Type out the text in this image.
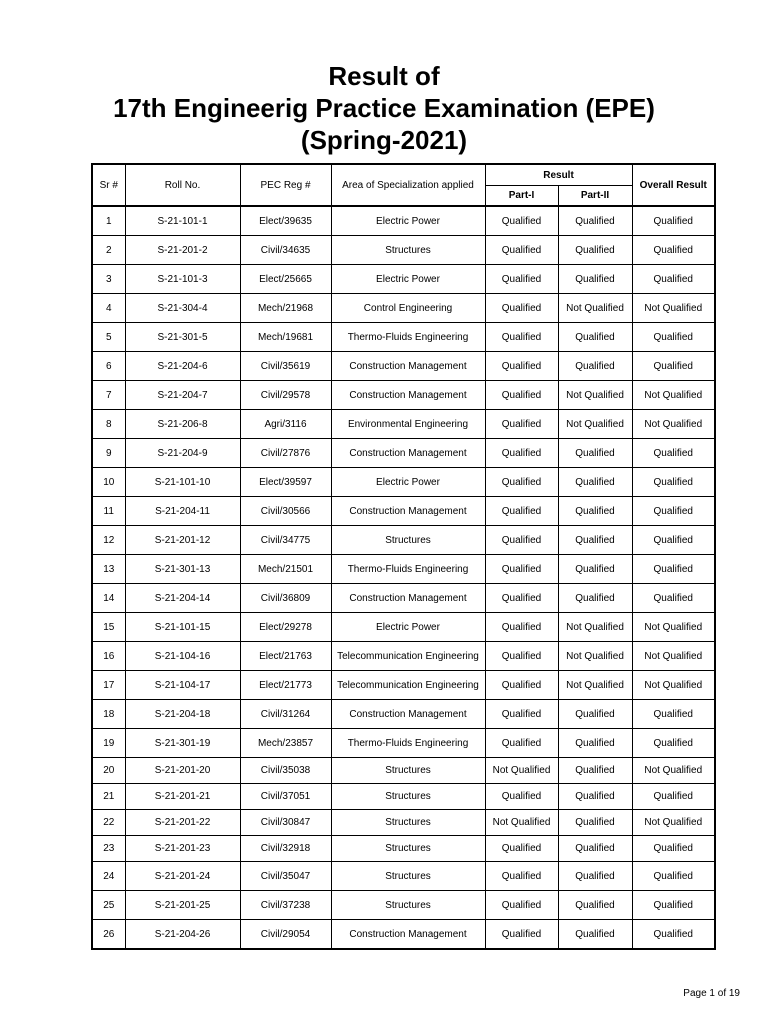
Result of
17th Engineerig Practice Examination (EPE)
(Spring-2021)
Sr #	Roll No.	PEC Reg #	Area of Specialization applied	Result		Overall Result
				Part-I	Part-II	
1	S-21-101-1	Elect/39635	Electric Power	Qualified	Qualified	Qualified
2	S-21-201-2	Civil/34635	Structures	Qualified	Qualified	Qualified
3	S-21-101-3	Elect/25665	Electric Power	Qualified	Qualified	Qualified
4	S-21-304-4	Mech/21968	Control Engineering	Qualified	Not Qualified	Not Qualified
5	S-21-301-5	Mech/19681	Thermo-Fluids Engineering	Qualified	Qualified	Qualified
6	S-21-204-6	Civil/35619	Construction Management	Qualified	Qualified	Qualified
7	S-21-204-7	Civil/29578	Construction Management	Qualified	Not Qualified	Not Qualified
8	S-21-206-8	Agri/3116	Environmental Engineering	Qualified	Not Qualified	Not Qualified
9	S-21-204-9	Civil/27876	Construction Management	Qualified	Qualified	Qualified
10	S-21-101-10	Elect/39597	Electric Power	Qualified	Qualified	Qualified
11	S-21-204-11	Civil/30566	Construction Management	Qualified	Qualified	Qualified
12	S-21-201-12	Civil/34775	Structures	Qualified	Qualified	Qualified
13	S-21-301-13	Mech/21501	Thermo-Fluids Engineering	Qualified	Qualified	Qualified
14	S-21-204-14	Civil/36809	Construction Management	Qualified	Qualified	Qualified
15	S-21-101-15	Elect/29278	Electric Power	Qualified	Not Qualified	Not Qualified
16	S-21-104-16	Elect/21763	Telecommunication Engineering	Qualified	Not Qualified	Not Qualified
17	S-21-104-17	Elect/21773	Telecommunication Engineering	Qualified	Not Qualified	Not Qualified
18	S-21-204-18	Civil/31264	Construction Management	Qualified	Qualified	Qualified
19	S-21-301-19	Mech/23857	Thermo-Fluids Engineering	Qualified	Qualified	Qualified
20	S-21-201-20	Civil/35038	Structures	Not Qualified	Qualified	Not Qualified
21	S-21-201-21	Civil/37051	Structures	Qualified	Qualified	Qualified
22	S-21-201-22	Civil/30847	Structures	Not Qualified	Qualified	Not Qualified
23	S-21-201-23	Civil/32918	Structures	Qualified	Qualified	Qualified
24	S-21-201-24	Civil/35047	Structures	Qualified	Qualified	Qualified
25	S-21-201-25	Civil/37238	Structures	Qualified	Qualified	Qualified
26	S-21-204-26	Civil/29054	Construction Management	Qualified	Qualified	Qualified
Page 1 of 19
